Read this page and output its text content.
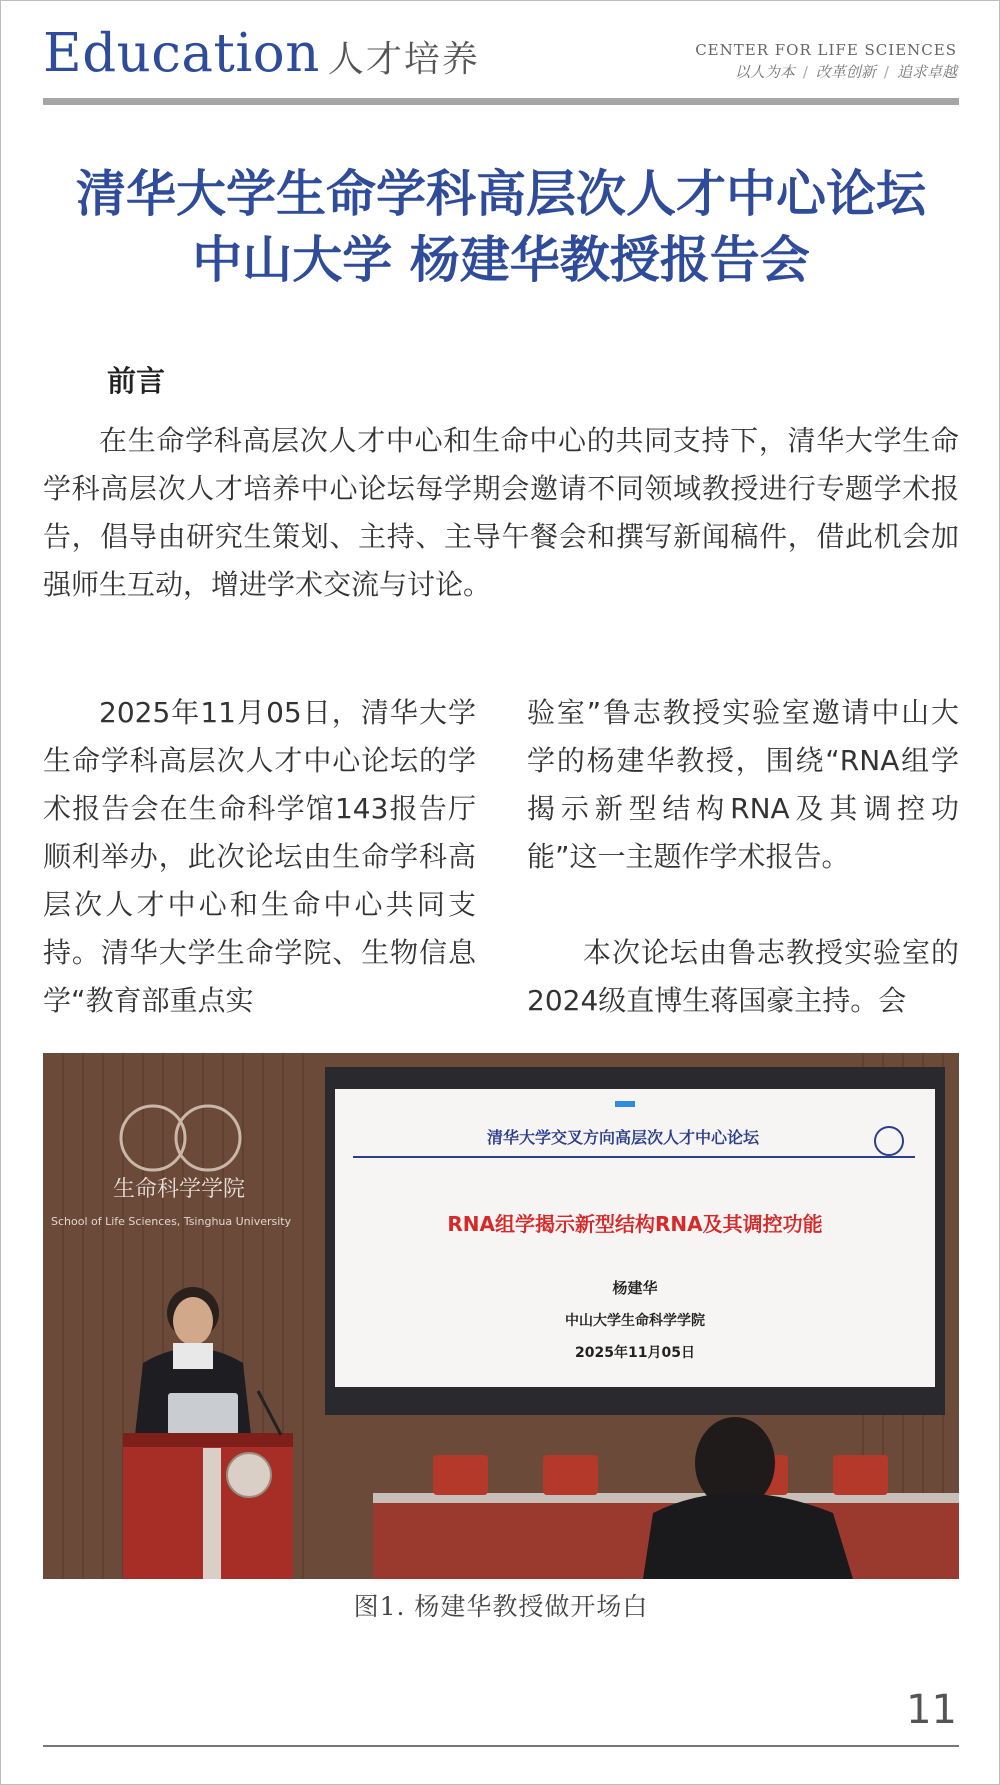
Education 人才培养	CENTER FOR LIFE SCIENCES
以人为本 / 改革创新 / 追求卓越
清华大学生命学科高层次人才中心论坛
中山大学 杨建华教授报告会
前言
在生命学科高层次人才中心和生命中心的共同支持下，清华大学生命学科高层次人才培养中心论坛每学期会邀请不同领域教授进行专题学术报告，倡导由研究生策划、主持、主导午餐会和撰写新闻稿件，借此机会加强师生互动，增进学术交流与讨论。

2025年11月05日，清华大学生命学科高层次人才中心论坛的学术报告会在生命科学馆143报告厅顺利举办，此次论坛由生命学科高层次人才中心和生命中心共同支持。清华大学生命学院、生物信息学“教育部重点实

验室”鲁志教授实验室邀请中山大学的杨建华教授，围绕“RNA组学揭示新型结构RNA及其调控功能”这一主题作学术报告。

本次论坛由鲁志教授实验室的2024级直博生蒋国豪主持。会

生命科学学院
School of Life Sciences, Tsinghua University
清华大学交叉方向高层次人才中心论坛
RNA组学揭示新型结构RNA及其调控功能
杨建华
中山大学生命科学学院
2025年11月05日
图1. 杨建华教授做开场白
11
